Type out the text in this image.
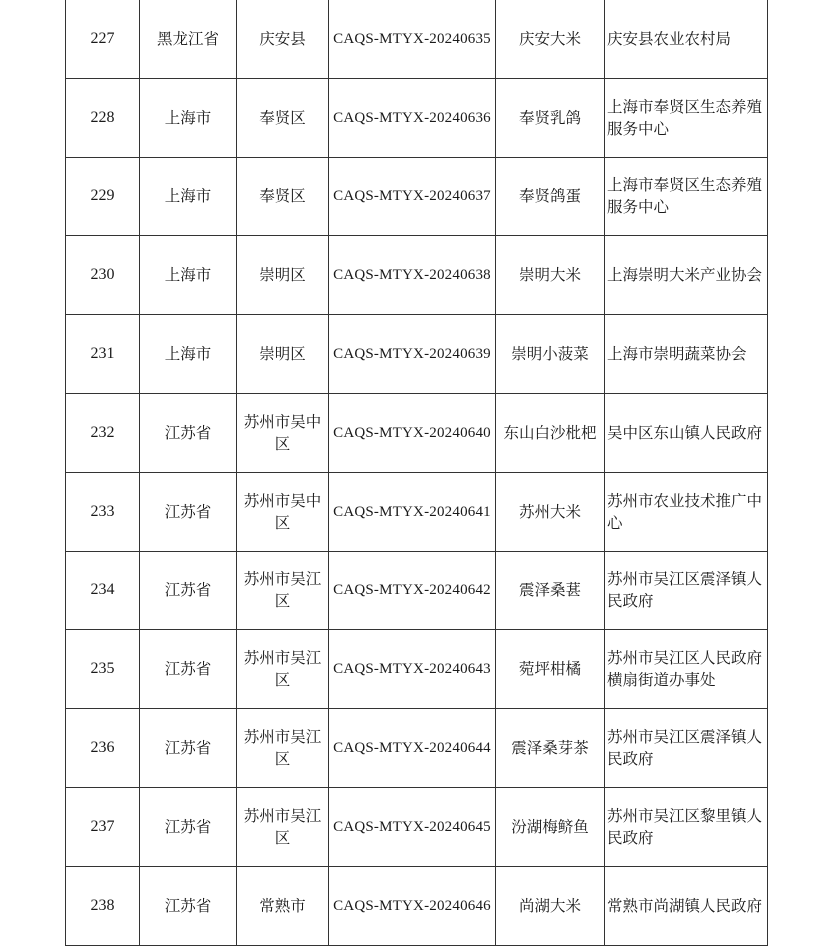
227	黑龙江省	庆安县	CAQS-MTYX-20240635	庆安大米	庆安县农业农村局
228	上海市	奉贤区	CAQS-MTYX-20240636	奉贤乳鸽	上海市奉贤区生态养殖服务中心
229	上海市	奉贤区	CAQS-MTYX-20240637	奉贤鸽蛋	上海市奉贤区生态养殖服务中心
230	上海市	崇明区	CAQS-MTYX-20240638	崇明大米	上海崇明大米产业协会
231	上海市	崇明区	CAQS-MTYX-20240639	崇明小菠菜	上海市崇明蔬菜协会
232	江苏省	苏州市吴中区	CAQS-MTYX-20240640	东山白沙枇杷	吴中区东山镇人民政府
233	江苏省	苏州市吴中区	CAQS-MTYX-20240641	苏州大米	苏州市农业技术推广中心
234	江苏省	苏州市吴江区	CAQS-MTYX-20240642	震泽桑葚	苏州市吴江区震泽镇人民政府
235	江苏省	苏州市吴江区	CAQS-MTYX-20240643	菀坪柑橘	苏州市吴江区人民政府横扇街道办事处
236	江苏省	苏州市吴江区	CAQS-MTYX-20240644	震泽桑芽茶	苏州市吴江区震泽镇人民政府
237	江苏省	苏州市吴江区	CAQS-MTYX-20240645	汾湖梅鲚鱼	苏州市吴江区黎里镇人民政府
238	江苏省	常熟市	CAQS-MTYX-20240646	尚湖大米	常熟市尚湖镇人民政府
